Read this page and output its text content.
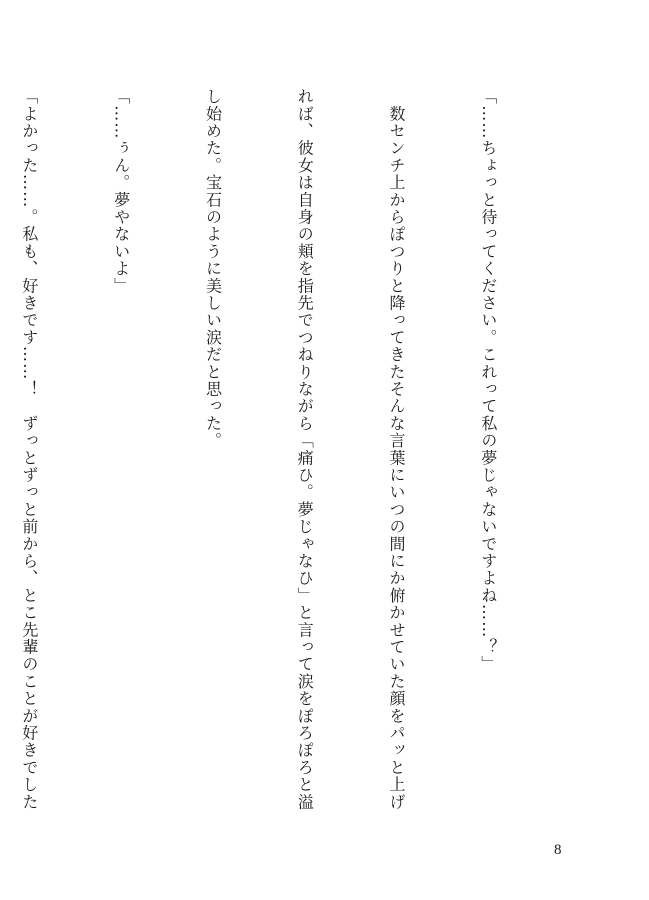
「……ちょっと待ってください。これって私の夢じゃないですよね……？」

　数センチ上からぽつりと降ってきたそんな言葉にいつの間にか俯かせていた顔をパッと上げ

れば、彼女は自身の頬を指先でつねりながら「痛ひ。夢じゃなひ」と言って涙をぽろぽろと溢

し始めた。宝石のように美しい涙だと思った。

「……ぅん。夢やないよ」

「よかった……。私も、好きです……！　ずっとずっと前から、とこ先輩のことが好きでした

8
